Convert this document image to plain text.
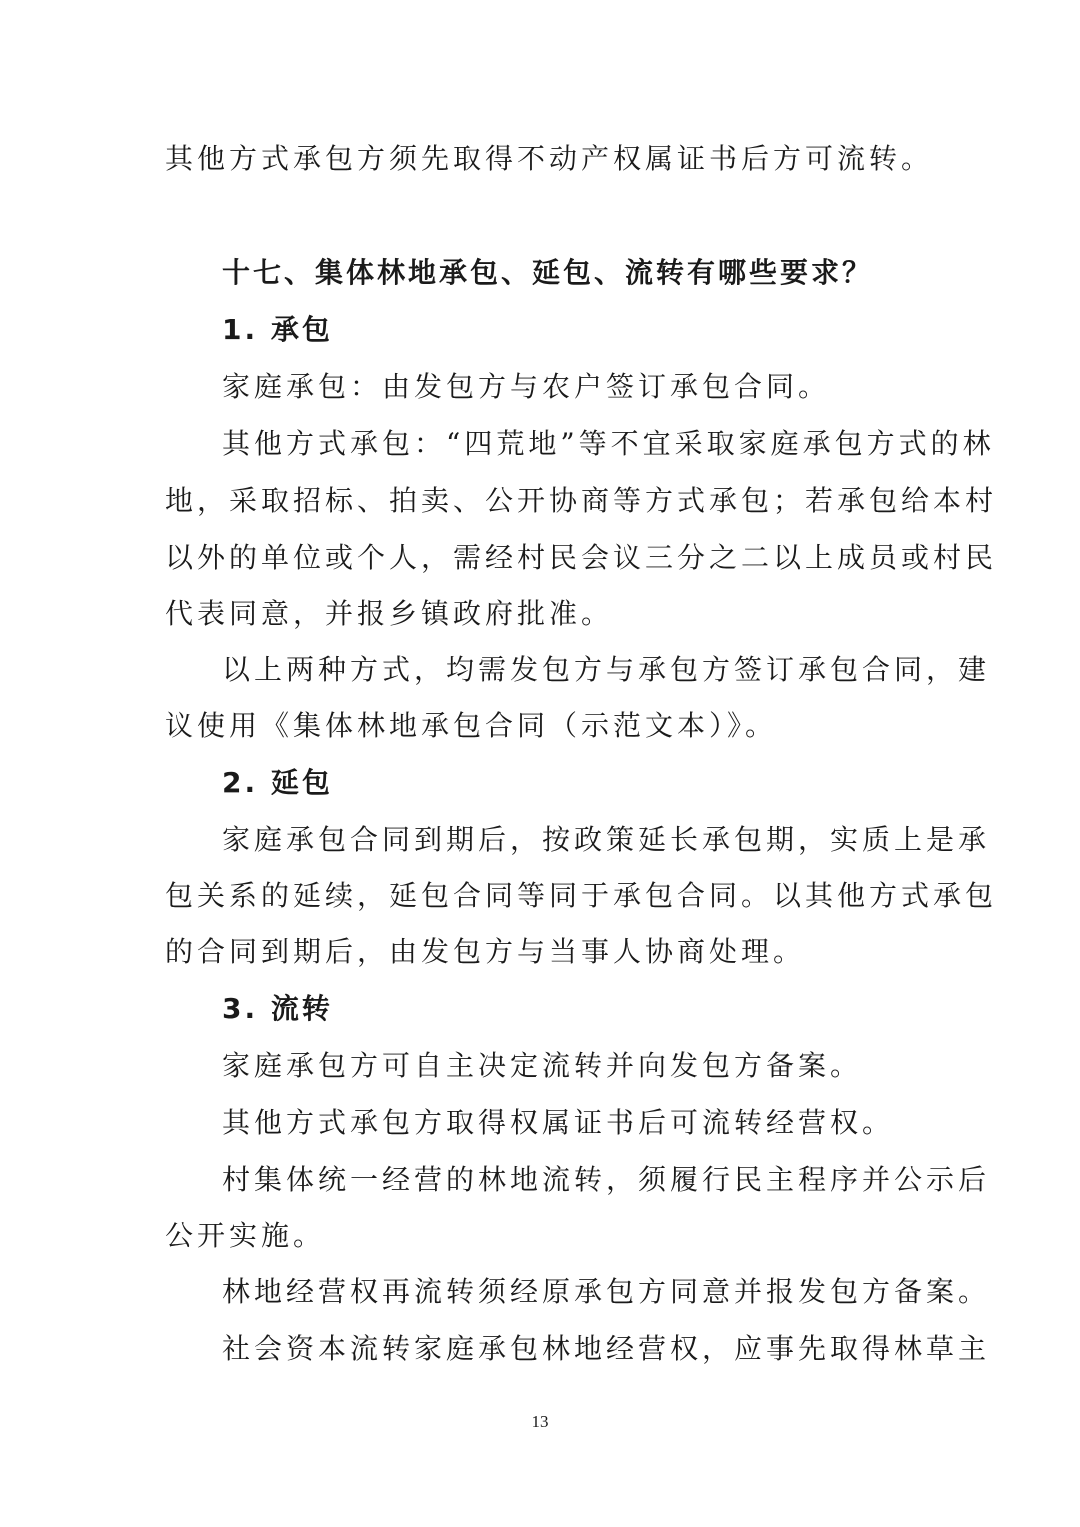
其他方式承包方须先取得不动产权属证书后方可流转。
十七、集体林地承包、延包、流转有哪些要求？
1. 承包
家庭承包：由发包方与农户签订承包合同。
其他方式承包：“四荒地”等不宜采取家庭承包方式的林
地，采取招标、拍卖、公开协商等方式承包；若承包给本村
以外的单位或个人，需经村民会议三分之二以上成员或村民
代表同意，并报乡镇政府批准。
以上两种方式，均需发包方与承包方签订承包合同，建
议使用《集体林地承包合同（示范文本）》。
2. 延包
家庭承包合同到期后，按政策延长承包期，实质上是承
包关系的延续，延包合同等同于承包合同。以其他方式承包
的合同到期后，由发包方与当事人协商处理。
3. 流转
家庭承包方可自主决定流转并向发包方备案。
其他方式承包方取得权属证书后可流转经营权。
村集体统一经营的林地流转，须履行民主程序并公示后
公开实施。
林地经营权再流转须经原承包方同意并报发包方备案。
社会资本流转家庭承包林地经营权，应事先取得林草主
13
